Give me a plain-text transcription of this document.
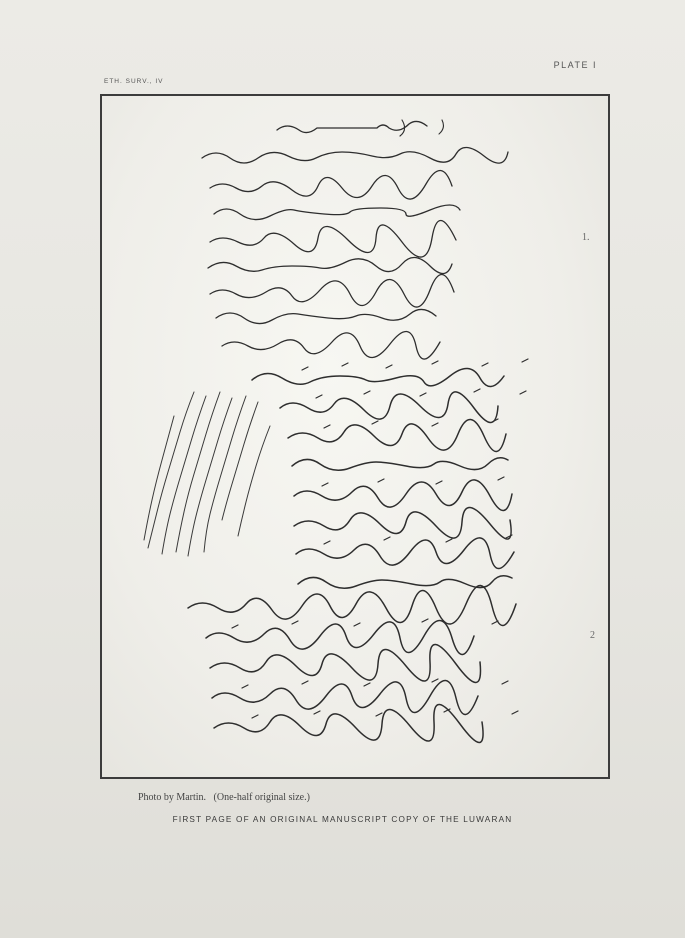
PLATE I
ETH. SURV., IV
1.
2
Photo by Martin.   (One-half original size.)
FIRST PAGE OF AN ORIGINAL MANUSCRIPT COPY OF THE LUWARAN
